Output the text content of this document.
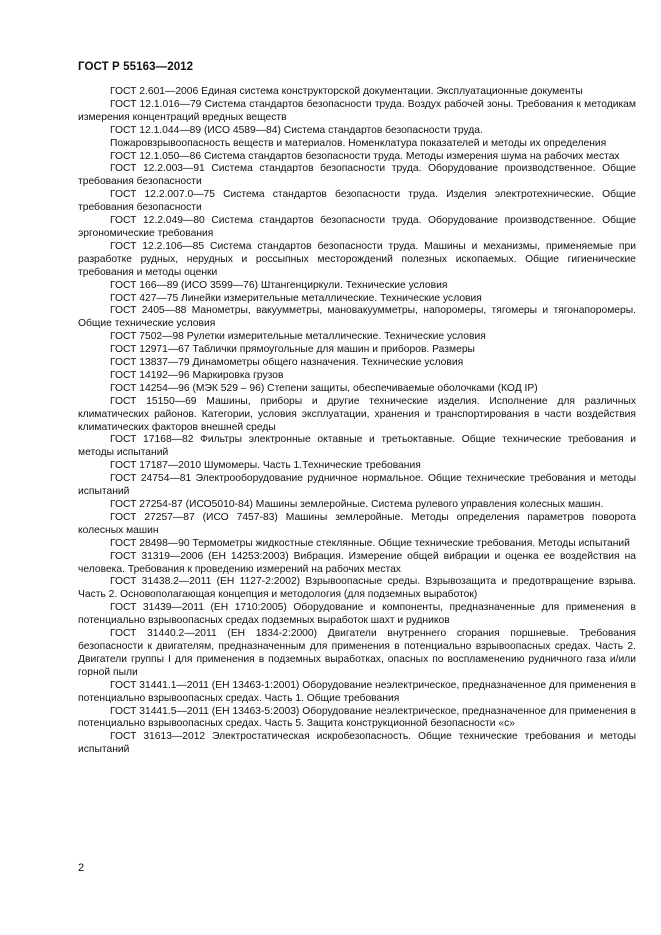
ГОСТ Р 55163—2012

ГОСТ 2.601—2006 Единая система конструкторской документации. Эксплуатационные документы

ГОСТ 12.1.016—79 Система стандартов безопасности труда. Воздух рабочей зоны. Требования к методикам измерения концентраций вредных веществ

ГОСТ 12.1.044—89 (ИСО 4589—84) Система стандартов безопасности труда.

Пожаровзрывоопасность веществ и материалов. Номенклатура показателей и методы их определения

ГОСТ 12.1.050—86 Система стандартов безопасности труда. Методы измерения шума на рабочих местах

ГОСТ 12.2.003—91 Система стандартов безопасности труда. Оборудование производственное. Общие требования безопасности

ГОСТ 12.2.007.0—75 Система стандартов безопасности труда. Изделия электротехнические. Общие требования безопасности

ГОСТ 12.2.049—80 Система стандартов безопасности труда. Оборудование производственное. Общие эргономические требования

ГОСТ 12.2.106—85 Система стандартов безопасности труда. Машины и механизмы, применяемые при разработке рудных, нерудных и россыпных месторождений полезных ископаемых. Общие гигиенические требования и методы оценки

ГОСТ 166—89 (ИСО 3599—76) Штангенциркули. Технические условия

ГОСТ 427—75 Линейки измерительные металлические. Технические условия

ГОСТ 2405—88 Манометры, вакуумметры, мановакуумметры, напоромеры, тягомеры и тягонапоромеры. Общие технические условия

ГОСТ 7502—98 Рулетки измерительные металлические. Технические условия

ГОСТ 12971—67 Таблички прямоугольные для машин и приборов. Размеры

ГОСТ 13837—79 Динамометры общего назначения. Технические условия

ГОСТ 14192—96 Маркировка грузов

ГОСТ 14254—96 (МЭК 529 – 96) Степени защиты, обеспечиваемые оболочками (КОД IP)

ГОСТ 15150—69 Машины, приборы и другие технические изделия. Исполнение для различных климатических районов. Категории, условия эксплуатации, хранения и транспортирования в части воздействия климатических факторов внешней среды

ГОСТ 17168—82 Фильтры электронные октавные и третьоктавные. Общие технические требования и методы испытаний

ГОСТ 17187—2010 Шумомеры. Часть 1.Технические требования

ГОСТ 24754—81 Электрооборудование рудничное нормальное. Общие технические требования и методы испытаний

ГОСТ 27254-87 (ИСО5010-84) Машины землеройные. Система рулевого управления колесных машин.

ГОСТ 27257—87 (ИСО 7457-83) Машины землеройные. Методы определения параметров поворота колесных машин

ГОСТ 28498—90 Термометры жидкостные стеклянные. Общие технические требования. Методы испытаний

ГОСТ 31319—2006 (ЕН 14253:2003) Вибрация. Измерение общей вибрации и оценка ее воздействия на человека. Требования к проведению измерений на рабочих местах

ГОСТ 31438.2—2011 (ЕН 1127-2:2002) Взрывоопасные среды. Взрывозащита и предотвращение взрыва. Часть 2. Основополагающая концепция и методология (для подземных выработок)

ГОСТ 31439—2011 (ЕН 1710:2005) Оборудование и компоненты, предназначенные для применения в потенциально взрывоопасных средах подземных выработок шахт и рудников

ГОСТ 31440.2—2011 (ЕН 1834-2:2000) Двигатели внутреннего сгорания поршневые. Требования безопасности к двигателям, предназначенным для применения в потенциально взрывоопасных средах. Часть 2. Двигатели группы I для применения в подземных выработках, опасных по воспламенению рудничного газа и/или горной пыли

ГОСТ 31441.1—2011 (ЕН 13463-1:2001) Оборудование неэлектрическое, предназначенное для применения в потенциально взрывоопасных средах. Часть 1. Общие требования

ГОСТ 31441.5—2011 (ЕН 13463-5:2003) Оборудование неэлектрическое, предназначенное для применения в потенциально взрывоопасных средах. Часть 5. Защита конструкционной безопасности «с»

ГОСТ 31613—2012 Электростатическая искробезопасность. Общие технические требования и методы испытаний

2
